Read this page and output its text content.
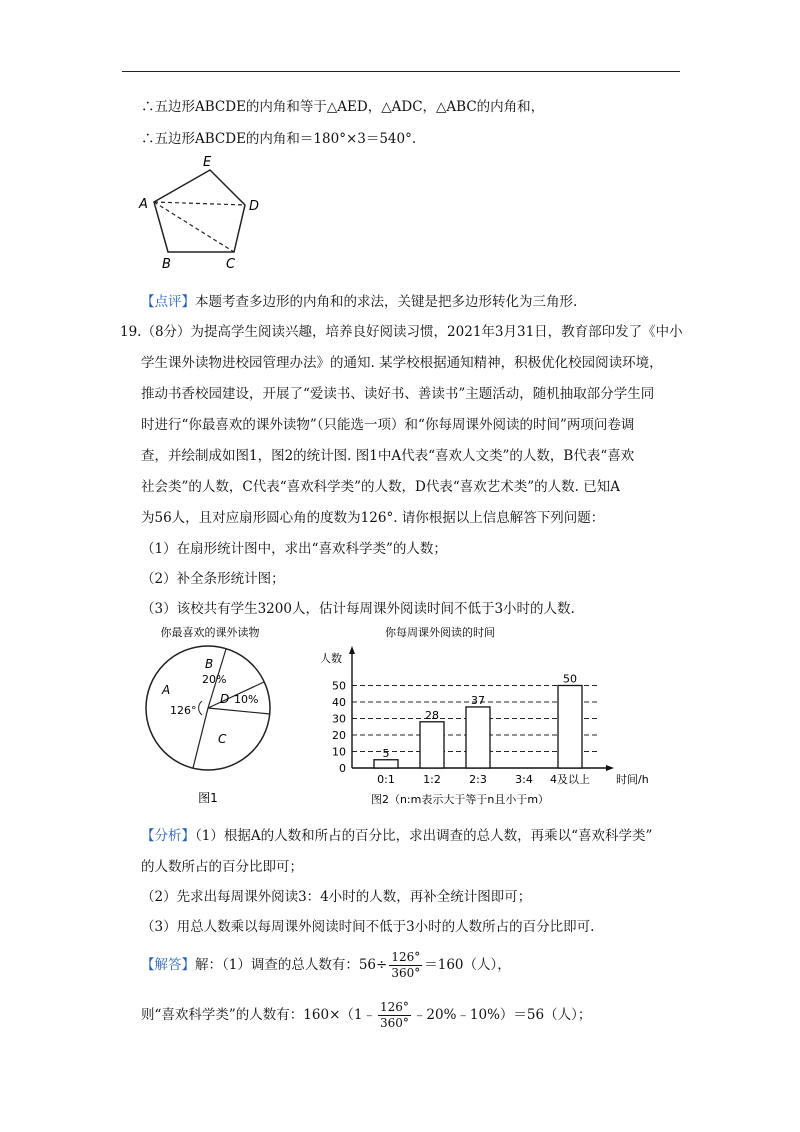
∴五边形ABCDE的内角和等于△AED，△ADC，△ABC的内角和，
∴五边形ABCDE的内角和＝180°×3＝540°.
E
A	D
B	C
【点评】本题考查多边形的内角和的求法，关键是把多边形转化为三角形.
19.（8分）为提高学生阅读兴趣，培养良好阅读习惯，2021年3月31日，教育部印发了《中小
学生课外读物进校园管理办法》的通知. 某学校根据通知精神，积极优化校园阅读环境，
推动书香校园建设，开展了“爱读书、读好书、善读书”主题活动，随机抽取部分学生同
时进行“你最喜欢的课外读物”（只能选一项）和“你每周课外阅读的时间”两项问卷调
查，并绘制成如图1，图2的统计图. 图1中A代表“喜欢人文类”的人数，B代表“喜欢
社会类”的人数，C代表“喜欢科学类”的人数，D代表“喜欢艺术类”的人数. 已知A
为56人，且对应扇形圆心角的度数为126°. 请你根据以上信息解答下列问题：
（1）在扇形统计图中，求出“喜欢科学类”的人数；
（2）补全条形统计图；
（3）该校共有学生3200人，估计每周课外阅读时间不低于3小时的人数.
你最喜欢的课外读物
A
126°
B
20%
D 10%
C
图1
你每周课外阅读的时间
人数
时间/h
0
10
20
30
40
50
5
0:1
28
1:2
37
2:3	3:4
50
4及以上
图2（n:m表示大于等于n且小于m）
【分析】（1）根据A的人数和所占的百分比，求出调查的总人数，再乘以“喜欢科学类”
的人数所占的百分比即可；
（2）先求出每周课外阅读3：4小时的人数，再补全统计图即可；
（3）用总人数乘以每周课外阅读时间不低于3小时的人数所占的百分比即可.
【解答】解：（1）调查的总人数有：$56\div \frac{126^\circ}{360^\circ} =160$（人），
则“喜欢科学类”的人数有：160×（1﹣ $\frac{126^\circ}{360^\circ}$ ﹣20%﹣10%）＝56（人）；
